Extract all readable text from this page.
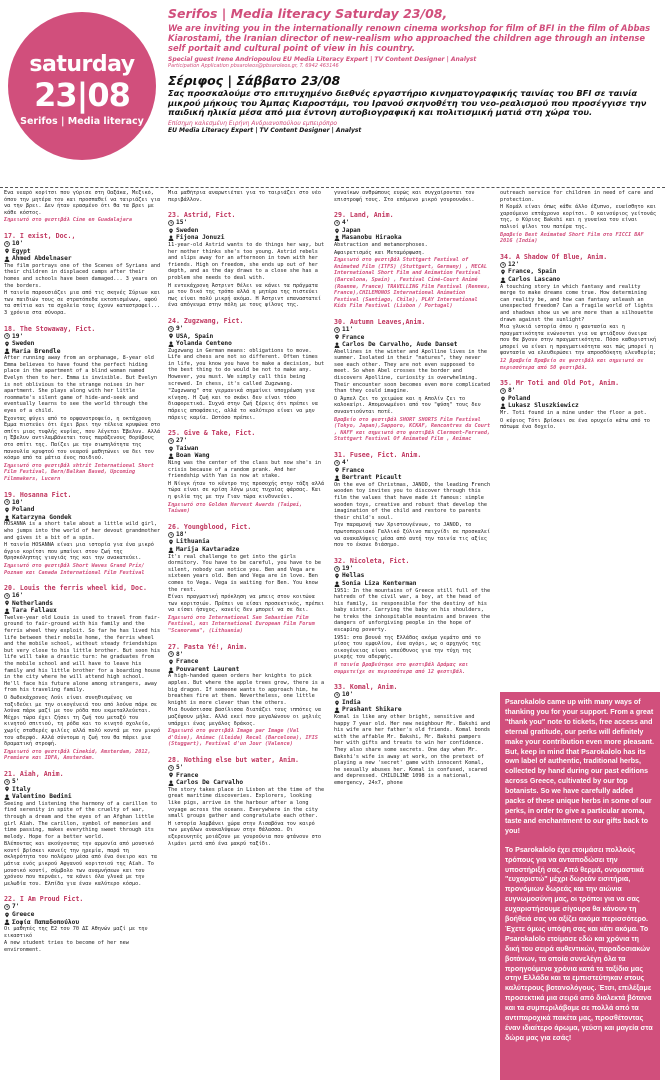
saturday
23|08
Serifos | Media literacy

Serifos | Media literacy Saturday 23/08,

We are inviting you in the internationally renown cinema workshop for film of BFI in the film of Abbas Kiarostami, the Iranian director of new-realism who approached the children age through an intense self portait and cultural point of view in his country.

Special guest Irene Andriopoulou EU Media Literacy Expert | TV Content Designer | Analyst

Participation Application pbsaroleos@pbsaroleos.gr, T. 6942 463146

Σέριφος | Σάββατο 23/08

Σας προσκαλούμε στο επιτυχημένο διεθνές εργαστήριο κινηματογραφικής ταινίας του BFI σε ταινία μικρού μήκους του Άμπας Κιαροστάμι, του Ιρανού σκηνοθέτη του νεο-ρεαλισμού που προσέγγισε την παιδική ηλικία μέσα από μια έντονη αυτοβιογραφική και πολιτισμική ματιά στη χώρα του.

Επίσημη καλεσμένη Ειρήνη Ανδριανοπούλου εμπειρόπρο

EU Media Literacy Expert | TV Content Designer | Analyst

Ένα νεαρό κορίτσι που γύρισε στη Οαξάκα, Μεξικό, όπου την μητέρα του και προσπαθεί να ταιριάζει για να την βρει. Δεν ήταν ερασμένο ότι θα τα βρει με κάθε κόστος.

Σημειωτό στο φεστιβάλ Cine en Guadalajara

17. I exist, Doc.,
10'
Egypt
Ahmed Abdelnaser

The film portrays one of the Scenes of Syrians and their children in displaced camps after their homes and schools have been damaged... 3 years on the borders.

Η ταινία παρουσιάζει μια από τις σκηνές Σύριων και των παιδιών τους σε στρατόπεδα εκτοπισμένων, αφού τα σπίτια και τα σχολεία τους έχουν καταστραφεί... 3 χρόνια στα σύνορα.

18. The Stowaway, Fict.
19'
Sweden
Maria Brendle

After running away from an orphanage, 8-year old Emma believes to have found the perfect hiding place in the apartment of a blind woman named Evelyn then to her. Emma is invisible. But Evelyn is not oblivious to the strange noises in her apartment. She plays along with her little roommate's silent game of hide-and-seek and eventually learns to see the world through the eyes of a child.

Έχοντας φύγει από το ορφανοτροφείο, η οκτάχρονη Έμμα πιστεύει ότι έχει βρει την τέλεια κρυψώνα στο σπίτι μιας τυφλής κυρίας, που λέγεται Έβελυν. Αλλά η Έβελυν αντιλαμβάνεται τους παράξενους θορύβους στο σπίτι της. Παίζει με την σιωπηλότητα της πανουλία κρυφτού του νεαρού μαθητώνει να δει τον κόσμο από τα μάτια ένος παιδιού.

Σημειωτό στο φεστιβάλ shtrit International Short Film Festival, Bern/Balkan Based, Upcoming Filmmakers, Lucern

19. Hosanna Fict.
10'
Poland
Katarzyna Gondek

HOSANNA is a short tale about a little wild girl, who jumps into the world of her devout grandmother and gives it a bit of a spin.

Η ταινία HOSANNA είναι μια ιστορία για ένα μικρό άγριο κορίτσι που μπαίνει στον ζωή της θρησκόληπτης γιαγιάς της και την ανακατεύει.

Σημειωτό στο φεστιβάλ Short Waves Grand Prix/ Poznan και Canada International Film Festival

20. Louis the ferris wheel kid, Doc.
16'
Netherlands
Tara Fallaux

Twelve-year old Louis is used to travel from fair-ground to fair-ground with his family and the ferris wheel they exploit. So far he has lived his life between their mobile home, the ferris wheel and the mobile school, without steady friendships but very close to his little brother. But soon his life will take a drastic turn: he graduates from the mobile school and will have to leave his family and his little brother for a boarding house in the city where he will attend high school. He'll face his future alone among strangers, away from his traveling family.

Ο δωδεκάχρονος Λούι είναι συνηθισμένος να ταξιδεύει με την οικογένειά του από λούνα πάρκ σε λούνα πάρκ μαζί με τον ρόδα που εκμεταλλεύεται. Μέχρι τώρα έχει ζήσει τη ζωή του μεταξύ του κινητού σπιτιού, τη ρόδα και το κινητό σχολείο, χωρίς σταθερές φιλίες αλλά πολύ κοντά με τον μικρό του αδερφό. Αλλά σύντομα η ζωή του θα πάρει μια δραματική στροφή.

Σημειωτό στο φεστιβάλ Cinekid, Amsterdam, 2012, Premiere και IDFA, Amsterdam.

21. Aïah, Anim.
5'
Italy
Valentino Bedini

Seeing and listening the harmony of a carillon to find serenity in spite of the cruelty of war, through a dream and the eyes of an Afghan little girl Aïah. The carillon, symbol of memories and time passing, makes everything sweet through its melody. Hope for a better world.

Βλέποντας και ακούγοντας την αρμονία από μουσικό κουτί βρίσκει κανείς την ηρεμία, παρά τη σκληρότητα του πολέμου μέσα από ένα όνειρο και τα μάτια ενός μικρού Αφγανού κοριτσιού της Aïah. Το μουσικό κουτί, σύμβολο των αναμνήσεων και του χρόνου που περνάει, τα κάνει όλα γλυκά με την μελωδία του. Ελπίδα για έναν καλύτερο κόσμο.

22. I Am Proud Fict.
7'
Greece
Σοφία Παπαδοπούλου

Οι μαθητές της Ε2 του 70 ΔΣ Αθηνών μαζί με την εικαστικό

A new student tries to become of her new environment.

Μια μαθήτρια αναρωτιέται για το ταιριάζει στο νέο περιβάλλον.

23. Astrid, Fict.
15'
Sweden
Fijona Jonuzi

11-year-old Astrid wants to do things her way, but her mother thinks she's too young. Astrid rebels and slips away for an afternoon in town with her friends. High on freedom, she ends up out of her depth, and as the day draws to a close she has a problem she needs to deal with.

Η εντεκάχρονη Άστριντ θέλει να κάνει τα πράγματα με τον δικό της τρόπο αλλά η μητέρα της πιστεύει πως είναι πολύ μικρή ακόμα. Η Άστριντ επαναστατεί ένα απόγευμα στην πόλη με τους φίλους της.

24. Zugzwang, Fict.
9'
USA, Spain
Yolanda Centeno

Zugzwang in German means: obligations to move. Life and chess are not so different. Often times in life, you know you have to make a decision, but the best thing to do would be not to make any. However, you must. We simply call this being screwed. In chess, it's called Zugzwang.

"Zugzwang" στα γερμανικά σημαίνει υποχρέωση για κίνηση. Η ζωή και το σκάκι δεν είναι τόσο διαφορετικά. Συχνά στην ζωή ξέρεις ότι πρέπει να πάρεις αποφάσεις, αλλά το καλύτερο είναι να μην πάρεις καμία. Ωστόσο πρέπει.

25. Give & Take, Fict.
27'
Taiwan
Boan Wang

Ning was the center of the class but now she's in crisis because of a random prank. And her friendship with Yan is now at stake.

Η Νίνγκ ήταν το κέντρο της προσοχής στην τάξη αλλά τώρα είναι σε κρίση λόγω μιας τυχαίας φάρσας. Και η φιλία της με την Γιαν τώρα κινδυνεύει.

Σημειωτό στο Golden Harvest Awards (Taipei, Taiwan)

26. Youngblood, Fict.
18'
Lithuania
Marija Kavtaradze

It's real challenge to get into the girls dormitory. You have to be careful, you have to be silent, nobody can notice you. Ben and Vega are sixteen years old. Ben and Vega are in love. Ben comes to Vega. Vega is waiting for Ben. You know the rest.

Είναι πραγματική πρόκληση να μπεις στον κοιτώνα των κοριτσιών. Πρέπει να είσαι προσεκτικός, πρέπει να είσαι ήσυχος, κανείς δεν μπορεί να σε δει.

Σημειωτό στο International San Sebastian Film Festival, και International European Film Forum "Scanorama", (Lithuania)

27. Pasta Yé!, Anim.
8'
France
Pouvarent Laurent

A high-handed queen orders her knights to pick apples. But where the apple trees grow, there is a big dragon. If someone wants to approach him, he breathes fire at them. Nevertheless, one little knight is more clever than the others.

Μια δυνάστισσα βασίλισσα διατάζει τους ιππότες να μαζέψουν μήλα. Αλλά εκεί που μεγαλώνουν οι μηλιές υπάρχει ένας μεγάλος δράκος.

Σημειωτό στο φεστιβάλ Image par Image (Val d'Oise), Animac (Lleida) Recal (Barcelona), IFIS (Stuggart), Festival d'un Jour (Valence)

28. Nothing else but water, Anim.
5'
France
Carlos De Carvalho

The story takes place in Lisbon at the time of the great maritime discoveries. Explorers, looking like pigs, arrive in the harbour after a long voyage across the oceans. Everywhere in the city small groups gather and congratulate each other.

Η ιστορία λαμβάνει χώρα στην Λισαβόνα τον καιρό των μεγάλων ανακαλύψεων στην θάλασσα. Οι εξερευνητές μοιάζουν με γουρούνια που φτάνουν στο λιμάνι μετά από ένα μακρύ ταξίδι.

γυναίκων ανθρώπους ευρώς και συγχαίρονται τον επιστροφή τους. Στο επόμενο μικρό γουρουνάκι.

29. Land, Anim.
4'
Japan
Masanobu Hiraoka

Abstraction and metamorphoses.

Αφαιρετισμός και Μεταμόρφωση.

Σημειωτό στο φεστιβάλ Stuttgart Festival of Animated Film (ITFS) (Stuttgart, Germany) , MECAL International Short Film and Animation Festival (Barcelona, Spain) , Festival Ciné-Court Animé (Roanne, France) TRAVELLING Film Festival (Rennes, France),CHILEMONOS International Animation Festival (Santiago, Chile), PLAY International Kids Film Festival (Lisbon / Portugal)

30. Autumn Leaves,Anim.
11'
France
Carlos De Carvalho, Aude Danset

Abellines in the winter and Apolline lives in the summer. Isolated in their "natures", they never see each other. They are not even supposed to meet. So when Abel crosses the border and discovers Apolline, curiosity is overwhelming. Their encounter soon becomes even more complicated than they could imagine.

Ο Άμπελ ζει το χειμώνα και η Απολίν ζει το καλοκαίρι. Απομονωμένοι από τον "φύση" τους δεν συναντιούνται ποτέ.

Βραβείο στο φεστιβάλ SHORT SHORTS Film Festival (Tokyo, Japan),Sapporo, KCKAF, Rencontres du Court , NAFF και σημειωτό στο φεστιβάλ Clermont-Ferrand, Stuttgart Festival Of Animated Film , Animac

31. Fusee, Fict. Anim.
4'
France
Bertrant Picault

On the eve of Christmas, JANOD, the leading French wooden toy invites you to discover through this film the values that have made it famous: simple wooden toys, creative and robust that develop the imagination of the child and restore to parents their child's soul.

Την παραμονή των Χριστουγέννων, το JANOD, το πρωτοπορειακό Γαλλικό ξύλινο παιχνίδι σε προσκαλεί να ανακαλύψεις μέσα από αυτή την ταινία τις αξίες που το έκανε διάσημο.

32. Nicoleta, Fict.
19'
Hellas
Sonia Liza Kenterman

1951: In the mountains of Greece still full of the hatreds of the civil war, a boy, at the head of his family, is responsible for the destiny of his baby sister. Carrying the baby on his shoulders, he treks the inhospitable mountains and braves the dangers of unforgiving people in the hope of escaping poverty.

1951: στα βουνά της Ελλάδας ακόμα γεμάτο από το μίσος του εμφυλίου, ένα αγόρι, ως ο αρχηγός της οικογένειας είναι υπεύθυνος για την τύχη της μικρής του αδερφής.

Η ταινία βραβεύτηκε στο φεστιβάλ Δράμας και συμμετείχε σε περισσότερα από 12 φεστιβάλ.

33. Komal, Anim.
10'
India
Prashant Shikare

Komal is like any other bright, sensitive and happy 7 year old. Her new neighbour Mr. Bakshi and his wife are her father's old friends. Komal bonds with the affable Mr. Bakshi, Mr. Bakshi pampers her with gifts and treats to win her confidence. They also share some secrets. One day when Mr. Bakshi's wife is away at work, on the pretext of playing a new 'secret' game with innocent Komal, he sexually abuses her. Komal is confused, scared and depressed. CHILDLINE 1098 is a national, emergency, 24x7, phone

outreach service for children in need of care and protection.

Η Κομάλ είναι όπως κάθε άλλο έξυπνο, ευαίσθητο και χαρούμενο επτάχρονο κορίτσι. Ο καινούριος γείτονάς της, ο Κύριος Bakshi και η γυναίκα του είναι παλιοί φίλοι του πατέρα της.

Βραβείο Best Animated Short Film στο FICCI BAF 2016 (India)

34. A Shadow Of Blue, Anim.
12'
France, Spain
Carlos Lascano

A touching story in which fantasy and reality merge to make dreams come true. How determining can reality be, and how can fantasy unleash an unexpected freedom? Can a fragile world of lights and shadows show us we are more than a silhouette drawn against the sunlight?

Μια γλυκιά ιστορία όπου η φαντασία και η πραγματικότητα ενώνονται για να φτιάξουν όνειρα που θα βγουν στην πραγματικότητα. Πόσο καθοριστική μπορεί να είναι η πραγματικότητα και πώς μπορεί η φαντασία να ελευθερώσει την απροσδόκητη ελευθερία;

12 βραβεία Βραβείο σε φεστιβάλ και σημειωτό σε περισσότερα από 50 φεστιβάλ.

35. Mr Toti and Old Pot, Anim.
8'
Poland
Lukasz Sluszkiewicz

Mr. Toti found in a mine under the floor a pot.

Ο κύριος Τότι βρίσκει σε ένα ορυχείο κάτω από το πάτωμα ένα δοχείο.

Psarokalolo came up with many ways of thanking you for your support. From a great "thank you" note to tickets, free access and eternal gratitude, our perks will definitely make your contribution even more pleasant. But, keep in mind that Psarokalolo has its own label of authentic, traditional herbs, collected by hand during our past editions across Greece, cultivated by our top botanists. So we have carefully added packs of these unique herbs in some of our perks, in order to give a particular aroma, taste and enchantment to our gifts back to you!

Το Psarokalolo έχει ετοιμάσει πολλούς τρόπους για να ανταποδώσει την υποστήριξή σας. Από θερμά, ονομαστικά "ευχαριστώ" μέχρι δωρεάν εισιτήρια, προνόμιων δωρεάς και την αιώνια ευγνωμοσύνη μας, οι τρόποι για να σας ευχαριστήσουμε σίγουρα θα κάνουν τη βοήθειά σας να αξίζει ακόμα περισσότερο. Έχετε όμως υπόψη σας και κάτι ακόμα. Το Psarokalolo ετοίμασε εδώ και χρόνια τη δική του σειρά αυθεντικών, παραδοσιακών βοτάνων, τα οποία συνελέγη όλα τα προηγούμενα χρόνια κατά τα ταξίδια μας στην Ελλάδα και τα εμπιστεύτηκαν στους καλύτερους βοτανολόγους. Έτσι, επιλέξαμε προσεκτικά μια σειρά από διαλεκτά βότανα και τα συμπεριλάβαμε σε πολλά από τα αντιπαροχικά πακέτα μας, προσθέτοντας έναν ιδιαίτερο άρωμα, γεύση και μαγεία στα δώρα μας για εσάς!
